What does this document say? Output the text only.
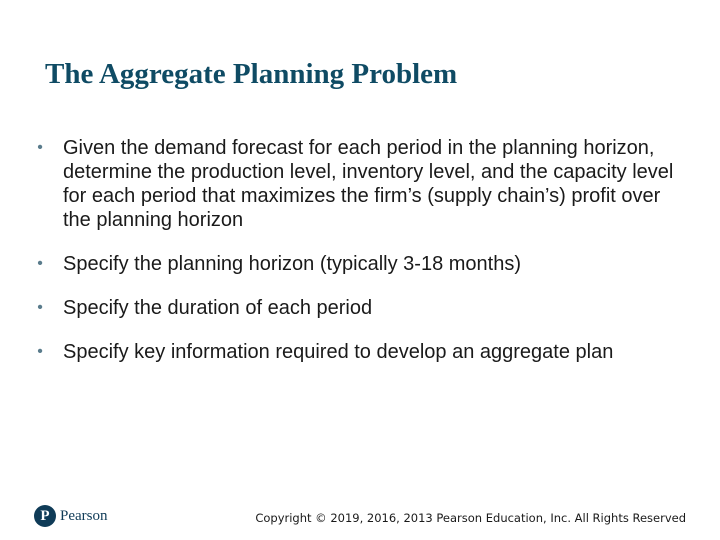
The Aggregate Planning Problem
•	Given the demand forecast for each period in the planning horizon, determine the production level, inventory level, and the capacity level for each period that maximizes the firm’s (supply chain’s) profit over the planning horizon
•	Specify the planning horizon (typically 3-18 months)
•	Specify the duration of each period
•	Specify key information required to develop an aggregate plan
P Pearson	Copyright © 2019, 2016, 2013 Pearson Education, Inc. All Rights Reserved
